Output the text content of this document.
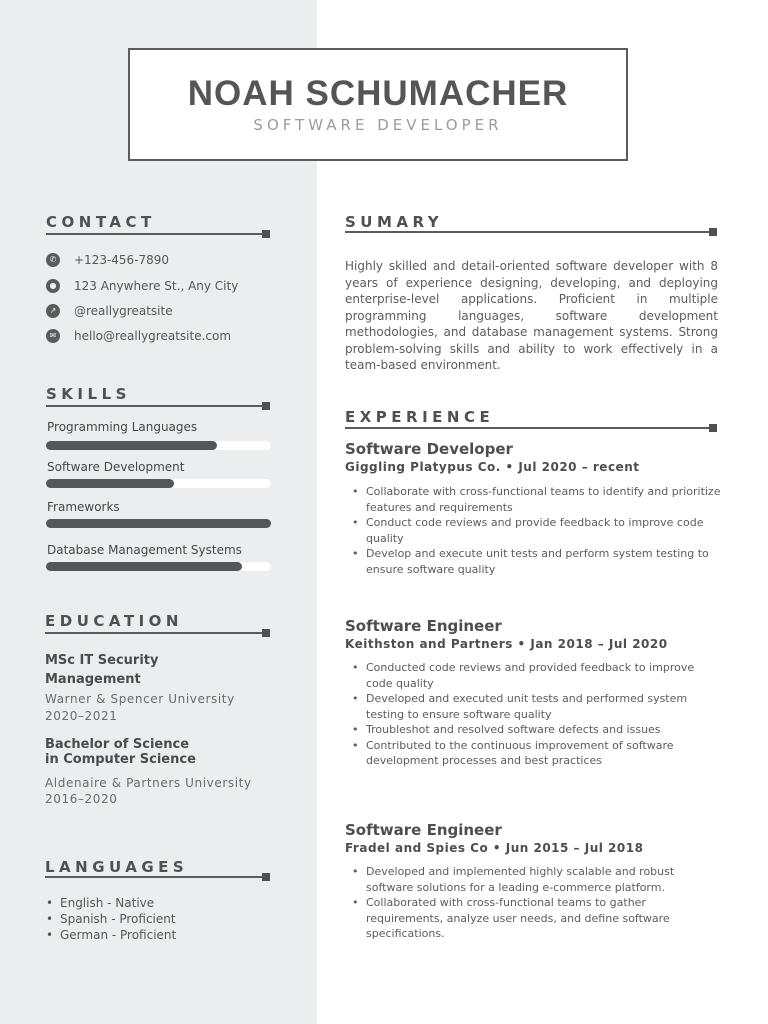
NOAH SCHUMACHER
SOFTWARE DEVELOPER
CONTACT
✆	+123-456-7890
● 123 Anywhere St., Any City
↗	@reallygreatsite
✉	hello@reallygreatsite.com
SKILLS
Programming Languages
Software Development
Frameworks
Database Management Systems
EDUCATION
MSc IT Security
Management
Warner & Spencer University
2020–2021
Bachelor of Science
in Computer Science
Aldenaire & Partners University
2016–2020
LANGUAGES
• English - Native
• Spanish - Proficient
• German - Proficient
SUMARY
Highly skilled and detail-oriented software developer with 8 years of experience designing, developing, and deploying enterprise-level applications. Proficient in multiple programming languages, software development methodologies, and database management systems. Strong problem-solving skills and ability to work effectively in a team-based environment.
EXPERIENCE
Software Developer
Giggling Platypus Co. • Jul 2020 – recent
• Collaborate with cross-functional teams to identify and prioritize features and requirements
• Conduct code reviews and provide feedback to improve code quality
• Develop and execute unit tests and perform system testing to ensure software quality
Software Engineer
Keithston and Partners • Jan 2018 – Jul 2020
• Conducted code reviews and provided feedback to improve code quality
• Developed and executed unit tests and performed system testing to ensure software quality
• Troubleshot and resolved software defects and issues
• Contributed to the continuous improvement of software development processes and best practices
Software Engineer
Fradel and Spies Co • Jun 2015 – Jul 2018
• Developed and implemented highly scalable and robust software solutions for a leading e-commerce platform.
• Collaborated with cross-functional teams to gather requirements, analyze user needs, and define software specifications.
